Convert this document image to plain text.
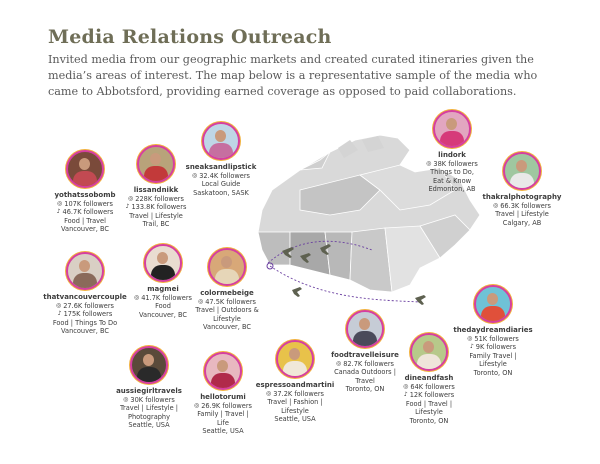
Media Relations Outreach

Invited media from our geographic markets and created curated itineraries given the media’s areas of interest. The map below is a representative sample of the media who came to Abbotsford, providing earned coverage as opposed to paid collaborations.

yothatssobomb
◎ 107K followers
♪ 46.7K followers
Food | Travel
Vancouver, BC
lissandnikk
◎ 228K followers
♪ 133.8K followers
Travel | Lifestyle
Trail, BC
sneaksandlipstick
◎ 32.4K followers
Local Guide
Saskatoon, SASK
lindork
◎ 38K followers
Things to Do,
Eat & Know
Edmonton, AB
thakralphotography
◎ 66.3K followers
Travel | Lifestyle
Calgary, AB
thatvancouvercouple
◎ 27.6K followers
♪ 175K followers
Food | Things To Do
Vancouver, BC
magmei
◎ 41.7K followers
Food
Vancouver, BC
colormebeige
◎ 47.5K followers
Travel | Outdoors &
Lifestyle
Vancouver, BC
foodtravelleisure
◎ 82.7K followers
Canada Outdoors |
Travel
Toronto, ON
thedaydreamdiaries
◎ 51K followers
♪ 9K followers
Family Travel |
Lifestyle
Toronto, ON
aussiegirltravels
◎ 30K followers
Travel | Lifestyle |
Photography
Seattle, USA
hellotorumi
◎ 26.9K followers
Family | Travel |
Life
Seattle, USA
espressoandmartini
◎ 37.2K followers
Travel | Fashion |
Lifestyle
Seattle, USA
dineandfash
◎ 64K followers
♪ 12K followers
Food | Travel |
Lifestyle
Toronto, ON
